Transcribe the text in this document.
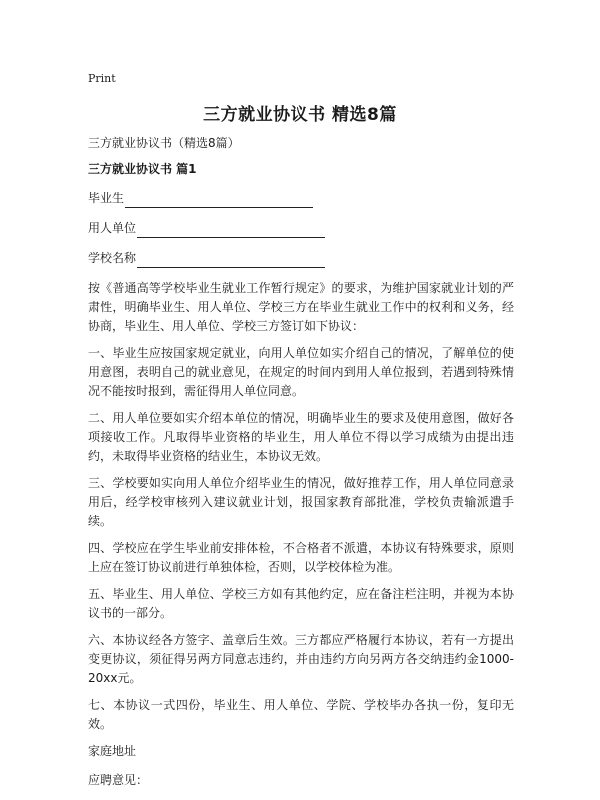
Print
三方就业协议书 精选8篇

三方就业协议书（精选8篇）

三方就业协议书 篇1

毕业生
用人单位
学校名称

按《普通高等学校毕业生就业工作暂行规定》的要求，为维护国家就业计划的严肃性，明确毕业生、用人单位、学校三方在毕业生就业工作中的权利和义务，经协商，毕业生、用人单位、学校三方签订如下协议：

一、毕业生应按国家规定就业，向用人单位如实介绍自己的情况，了解单位的使用意图，表明自己的就业意见，在规定的时间内到用人单位报到，若遇到特殊情况不能按时报到，需征得用人单位同意。

二、用人单位要如实介绍本单位的情况，明确毕业生的要求及使用意图，做好各项接收工作。凡取得毕业资格的毕业生，用人单位不得以学习成绩为由提出违约，未取得毕业资格的结业生，本协议无效。

三、学校要如实向用人单位介绍毕业生的情况，做好推荐工作，用人单位同意录用后，经学校审核列入建议就业计划，报国家教育部批准，学校负责输派遣手续。

四、学校应在学生毕业前安排体检，不合格者不派遣，本协议有特殊要求，原则上应在签订协议前进行单独体检，否则，以学校体检为准。

五、毕业生、用人单位、学校三方如有其他约定，应在备注栏注明，并视为本协议书的一部分。

六、本协议经各方签字、盖章后生效。三方都应严格履行本协议，若有一方提出变更协议，须征得另两方同意志违约，并由违约方向另两方各交纳违约金1000-20xx元。

七、本协议一式四份，毕业生、用人单位、学院、学校毕办各执一份，复印无效。

家庭地址

应聘意见：
